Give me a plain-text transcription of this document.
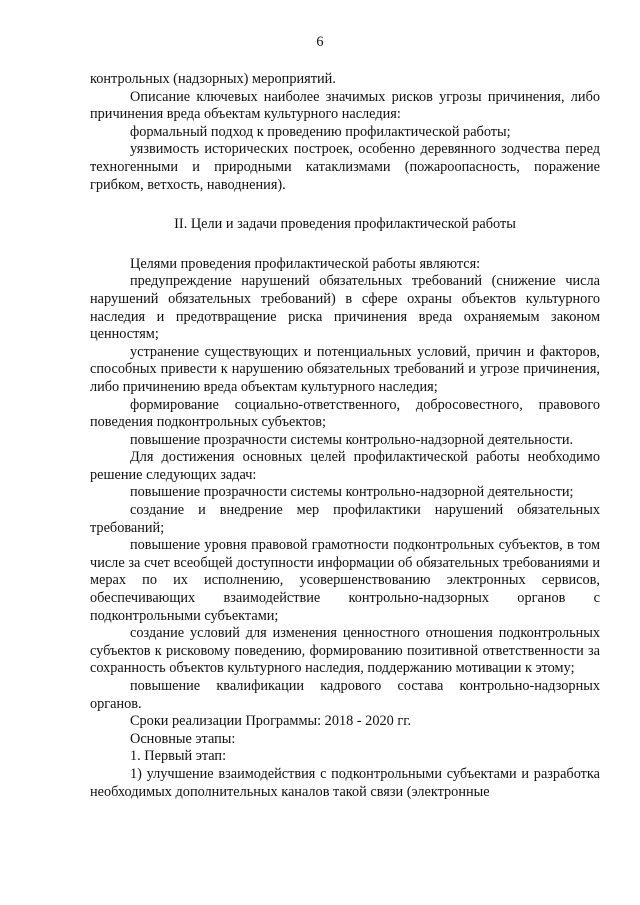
6

контрольных (надзорных) мероприятий.

Описание ключевых наиболее значимых рисков угрозы причинения, либо причинения вреда объектам культурного наследия:

формальный подход к проведению профилактической работы;

уязвимость исторических построек, особенно деревянного зодчества перед техногенными и природными катаклизмами (пожароопасность, поражение грибком, ветхость, наводнения).

II. Цели и задачи проведения профилактической работы

Целями проведения профилактической работы являются:

предупреждение нарушений обязательных требований (снижение числа нарушений обязательных требований) в сфере охраны объектов культурного наследия и предотвращение риска причинения вреда охраняемым законом ценностям;

устранение существующих и потенциальных условий, причин и факторов, способных привести к нарушению обязательных требований и угрозе причинения, либо причинению вреда объектам культурного наследия;

формирование социально-ответственного, добросовестного, правового поведения подконтрольных субъектов;

повышение прозрачности системы контрольно-надзорной деятельности.

Для достижения основных целей профилактической работы необходимо решение следующих задач:

повышение прозрачности системы контрольно-надзорной деятельности;

создание и внедрение мер профилактики нарушений обязательных требований;

повышение уровня правовой грамотности подконтрольных субъектов, в том числе за счет всеобщей доступности информации об обязательных требованиями и мерах по их исполнению, усовершенствованию электронных сервисов, обеспечивающих взаимодействие контрольно-надзорных органов с подконтрольными субъектами;

создание условий для изменения ценностного отношения подконтрольных субъектов к рисковому поведению, формированию позитивной ответственности за сохранность объектов культурного наследия, поддержанию мотивации к этому;

повышение квалификации кадрового состава контрольно-надзорных органов.

Сроки реализации Программы: 2018 - 2020 гг.

Основные этапы:

1. Первый этап:

1) улучшение взаимодействия с подконтрольными субъектами и разработка необходимых дополнительных каналов такой связи (электронные
